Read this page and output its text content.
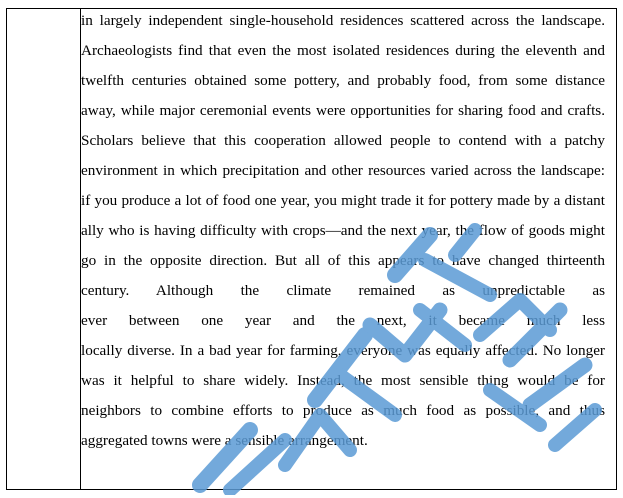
in largely independent single-household residences scattered across the landscape.
Archaeologists find that even the most isolated residences during the eleventh and
twelfth centuries obtained some pottery, and probably food, from some distance
away, while major ceremonial events were opportunities for sharing food and crafts.
Scholars believe that this cooperation allowed people to contend with a patchy
environment in which precipitation and other resources varied across the landscape:
if you produce a lot of food one year, you might trade it for pottery made by a distant
ally who is having difficulty with crops—and the next year, the flow of goods might
go in the opposite direction. But all of this appears to have changed thirteenth
century. Although the climate remained as unpredictable as
ever between one year and the next, it became much less
locally diverse. In a bad year for farming, everyone was equally affected. No longer
was it helpful to share widely. Instead, the most sensible thing would be for
neighbors to combine efforts to produce as much food as possible, and thus
aggregated towns were a sensible arrangement.
